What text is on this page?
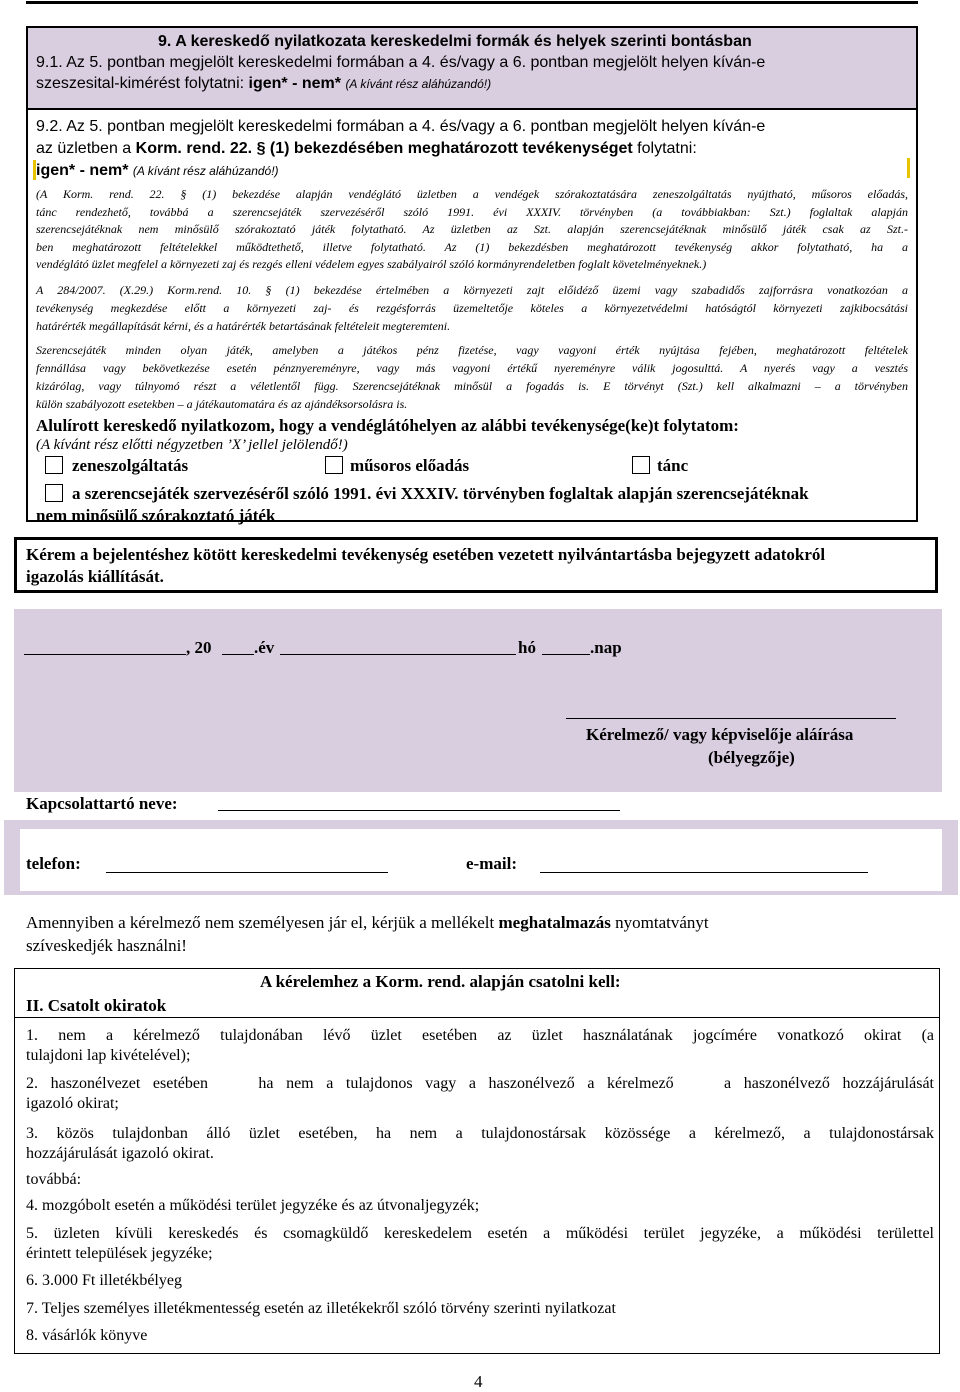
9. A kereskedő nyilatkozata kereskedelmi formák és helyek szerinti bontásban
9.1. Az 5. pontban megjelölt kereskedelmi formában a 4. és/vagy a 6. pontban megjelölt helyen kíván-e
szeszesital-kimérést folytatni: igen* - nem* (A kívánt rész aláhúzandó!)
9.2. Az 5. pontban megjelölt kereskedelmi formában a 4. és/vagy a 6. pontban megjelölt helyen kíván-e
az üzletben a Korm. rend. 22. § (1) bekezdésében meghatározott tevékenységet folytatni:
igen* - nem* (A kívánt rész aláhúzandó!)
(A Korm. rend. 22. § (1) bekezdése alapján vendéglátó üzletben a vendégek szórakoztatására zeneszolgáltatás nyújtható, műsoros előadás,
tánc rendezhető, továbbá a szerencsejáték szervezéséről szóló 1991. évi XXXIV. törvényben (a továbbiakban: Szt.) foglaltak alapján
szerencsejátéknak nem minősülő szórakoztató játék folytatható. Az üzletben az Szt. alapján szerencsejátéknak minősülő játék csak az Szt.-
ben meghatározott feltételekkel működtethető, illetve folytatható. Az (1) bekezdésben meghatározott tevékenység akkor folytatható, ha a
vendéglátó üzlet megfelel a környezeti zaj és rezgés elleni védelem egyes szabályairól szóló kormányrendeletben foglalt követelményeknek.)
A 284/2007. (X.29.) Korm.rend. 10. § (1) bekezdése értelmében a környezeti zajt előidéző üzemi vagy szabadidős zajforrásra vonatkozóan a
tevékenység megkezdése előtt a környezeti zaj- és rezgésforrás üzemeltetője köteles a környezetvédelmi hatóságtól környezeti zajkibocsátási
határérték megállapítását kérni, és a határérték betartásának feltételeit megteremteni.
Szerencsejáték minden olyan játék, amelyben a játékos pénz fizetése, vagy vagyoni érték nyújtása fejében, meghatározott feltételek
fennállása vagy bekövetkezése esetén pénznyereményre, vagy más vagyoni értékű nyereményre válik jogosulttá. A nyerés vagy a vesztés
kizárólag, vagy túlnyomó részt a véletlentől függ. Szerencsejátéknak minősül a fogadás is. E törvényt (Szt.) kell alkalmazni – a törvényben
külön szabályozott esetekben – a játékautomatára és az ajándéksorsolásra is.
Alulírott kereskedő nyilatkozom, hogy a vendéglátóhelyen az alábbi tevékenysége(ke)t folytatom:
(A kívánt rész előtti négyzetben ’X’ jellel jelölendő!)
zeneszolgáltatás	műsoros előadás	tánc
a szerencsejáték szervezéséről szóló 1991. évi XXXIV. törvényben foglaltak alapján szerencsejátéknak
nem minősülő szórakoztató játék
Kérem a bejelentéshez kötött kereskedelmi tevékenység esetében vezetett nyilvántartásba bejegyzett adatokról
igazolás kiállítását.
, 20	.év	hó	.nap
Kérelmező/ vagy képviselője aláírása
(bélyegzője)
Kapcsolattartó neve:
telefon:	e-mail:
Amennyiben a kérelmező nem személyesen jár el, kérjük a mellékelt meghatalmazás nyomtatványt
szíveskedjék használni!
A kérelemhez a Korm. rend. alapján csatolni kell:
II. Csatolt okiratok
1. nem a kérelmező tulajdonában lévő üzlet esetében az üzlet használatának jogcímére vonatkozó okirat (a
tulajdoni lap kivételével);
2. haszonélvezet esetében    ha nem a tulajdonos vagy a haszonélvező a kérelmező    a haszonélvező hozzájárulását
igazoló okirat;
3. közös tulajdonban álló üzlet esetében, ha nem a tulajdonostársak közössége a kérelmező, a tulajdonostársak
hozzájárulását igazoló okirat.
továbbá:
4. mozgóbolt esetén a működési terület jegyzéke és az útvonaljegyzék;
5. üzleten kívüli kereskedés és csomagküldő kereskedelem esetén a működési terület jegyzéke, a működési területtel
érintett települések jegyzéke;
6. 3.000 Ft illetékbélyeg
7. Teljes személyes illetékmentesség esetén az illetékekről szóló törvény szerinti nyilatkozat
8. vásárlók könyve
4
